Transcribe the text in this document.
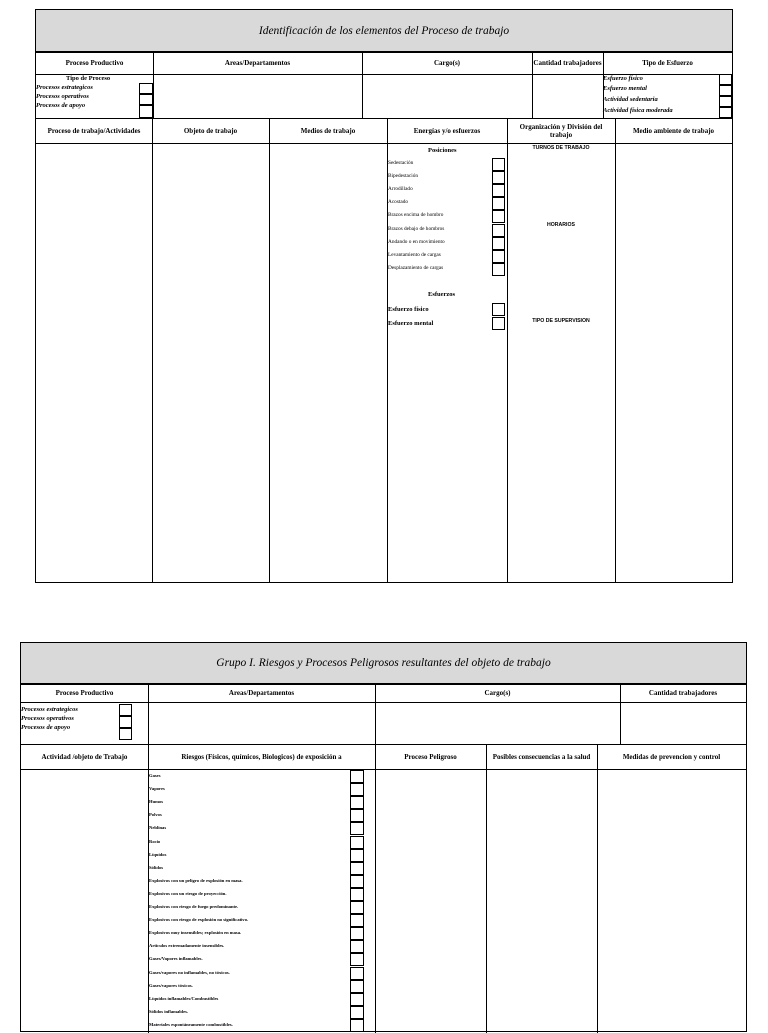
Identificación de los elementos del Proceso de trabajo
Proceso Productivo	Areas/Departamentos	Cargo(s)	Cantidad trabajadores	Tipo de Esfuerzo
Tipo de Proceso
Procesos estrategicos
Procesos operativos
Procesos de apoyo
Esfuerzo físico
Esfuerzo mental
Actividad sedentaria
Actividad física moderada
Proceso de trabajo/Actividades	Objeto de trabajo	Medios de trabajo	Energías y/o esfuerzos	Organización y División del trabajo	Medio ambiente de trabajo
Posiciones
Sedestación
Bipedestación
Arrodillado
Acostado
Brazos encima de hombro
Brazos debajo de hombros
Andando o en movimiento
Levantamiento de cargas
Desplazamiento de cargas
Esfuerzos
Esfuerzo físico
Esfuerzo mental
TURNOS DE TRABAJO
HORARIOS
TIPO DE SUPERVISION
Grupo I. Riesgos y Procesos Peligrosos resultantes del objeto de trabajo
Proceso Productivo	Areas/Departamentos	Cargo(s)	Cantidad trabajadores
Procesos estrategicos
Procesos operativos
Procesos de apoyo
Actividad /objeto de Trabajo	Riesgos (Físicos, químicos, Biologicos) de exposición a	Proceso Peligroso	Posibles consecuencias a la salud	Medidas de prevencion y control
Gases
Vapores
Humos
Polvos
Neblinas
Rocío
Líquidos
Sólidos
Explosivos con un peligro de explosión en masa.
Explosivos con un riesgo de proyección.
Explosivos con riesgo de fuego predominante.
Explosivos con riesgo de explosión no significativo.
Explosivos muy insensibles; explosión en masa.
Artículos extremadamente insensibles.
Gases/Vapores inflamables.
Gases/vapores no inflamables, no tóxicos.
Gases/vapores tóxicos.
Líquidos inflamables/Combustibles
Sólidos inflamables.
Materiales espontáneamente combustibles.
